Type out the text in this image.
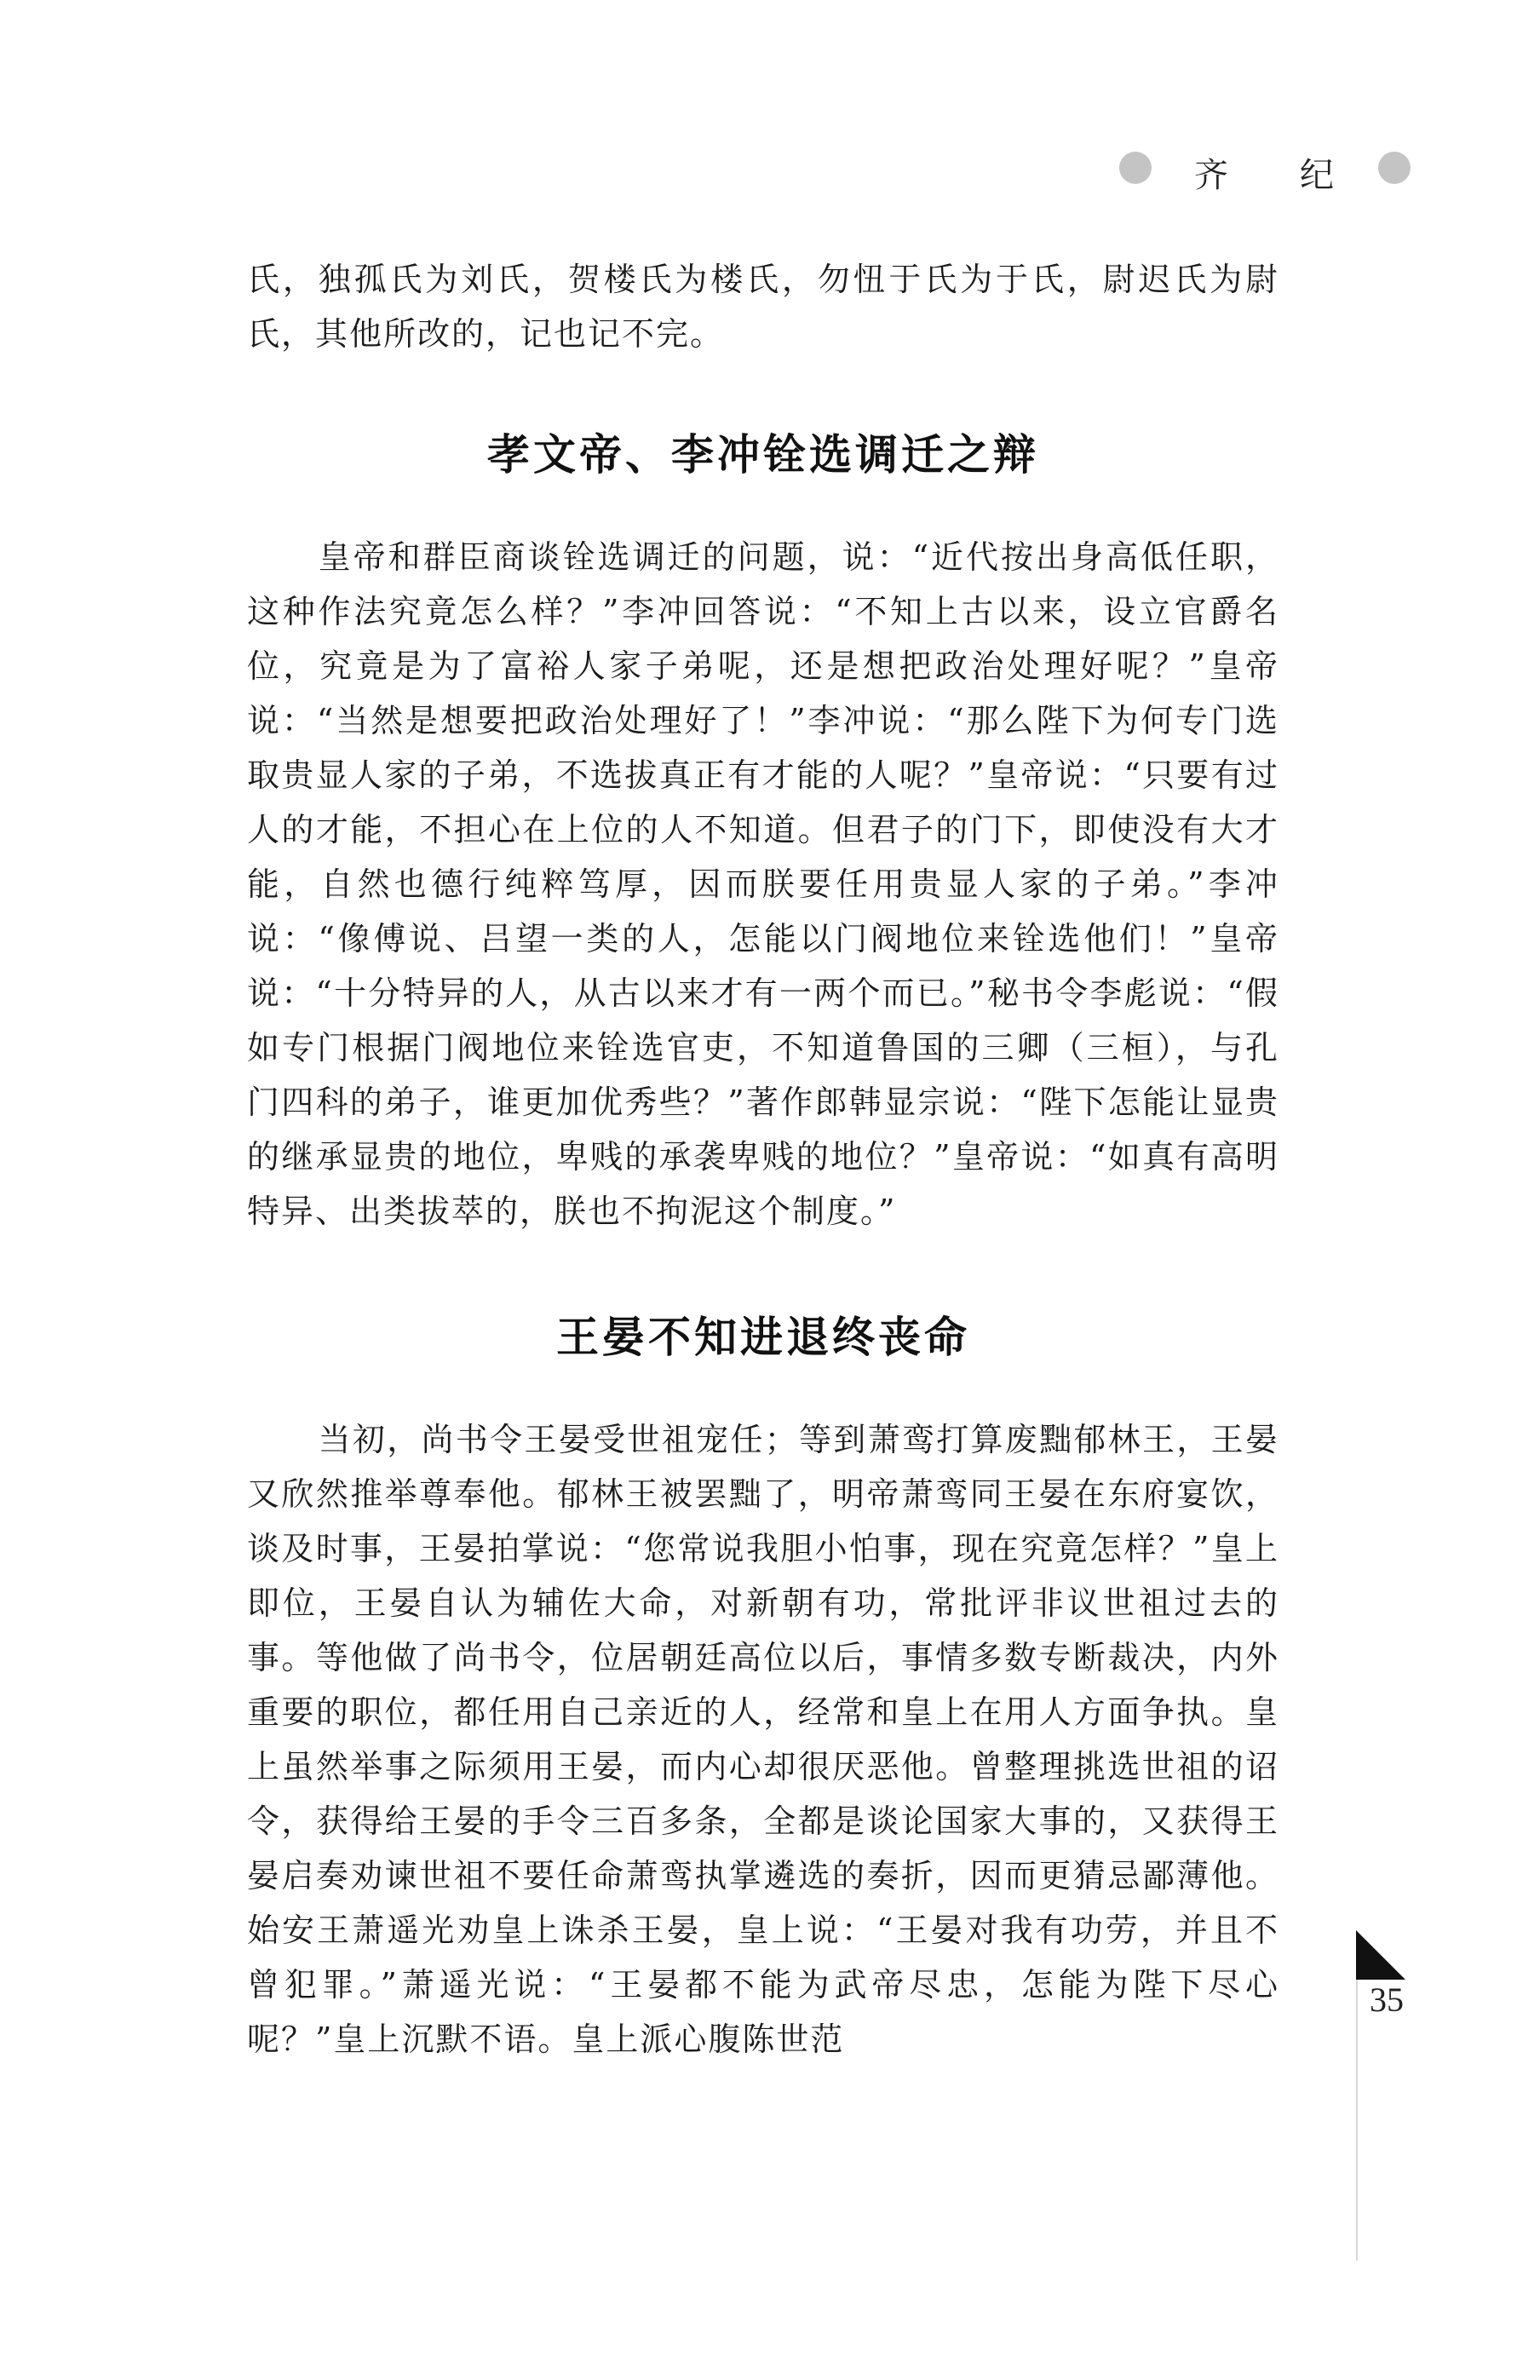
齐 纪

氏，独孤氏为刘氏，贺楼氏为楼氏，勿忸于氏为于氏，尉迟氏为尉氏，其他所改的，记也记不完。

孝文帝、李冲铨选调迁之辩

皇帝和群臣商谈铨选调迁的问题，说：“近代按出身高低任职，这种作法究竟怎么样？”李冲回答说：“不知上古以来，设立官爵名位，究竟是为了富裕人家子弟呢，还是想把政治处理好呢？”皇帝说：“当然是想要把政治处理好了！”李冲说：“那么陛下为何专门选取贵显人家的子弟，不选拔真正有才能的人呢？”皇帝说：“只要有过人的才能，不担心在上位的人不知道。但君子的门下，即使没有大才能，自然也德行纯粹笃厚，因而朕要任用贵显人家的子弟。”李冲说：“像傅说、吕望一类的人，怎能以门阀地位来铨选他们！”皇帝说：“十分特异的人，从古以来才有一两个而已。”秘书令李彪说：“假如专门根据门阀地位来铨选官吏，不知道鲁国的三卿（三桓），与孔门四科的弟子，谁更加优秀些？”著作郎韩显宗说：“陛下怎能让显贵的继承显贵的地位，卑贱的承袭卑贱的地位？”皇帝说：“如真有高明特异、出类拔萃的，朕也不拘泥这个制度。”

王晏不知进退终丧命

当初，尚书令王晏受世祖宠任；等到萧鸾打算废黜郁林王，王晏又欣然推举尊奉他。郁林王被罢黜了，明帝萧鸾同王晏在东府宴饮，谈及时事，王晏拍掌说：“您常说我胆小怕事，现在究竟怎样？”皇上即位，王晏自认为辅佐大命，对新朝有功，常批评非议世祖过去的事。等他做了尚书令，位居朝廷高位以后，事情多数专断裁决，内外重要的职位，都任用自己亲近的人，经常和皇上在用人方面争执。皇上虽然举事之际须用王晏，而内心却很厌恶他。曾整理挑选世祖的诏令，获得给王晏的手令三百多条，全都是谈论国家大事的，又获得王晏启奏劝谏世祖不要任命萧鸾执掌遴选的奏折，因而更猜忌鄙薄他。始安王萧遥光劝皇上诛杀王晏，皇上说：“王晏对我有功劳，并且不曾犯罪。”萧遥光说：“王晏都不能为武帝尽忠，怎能为陛下尽心呢？”皇上沉默不语。皇上派心腹陈世范

35
